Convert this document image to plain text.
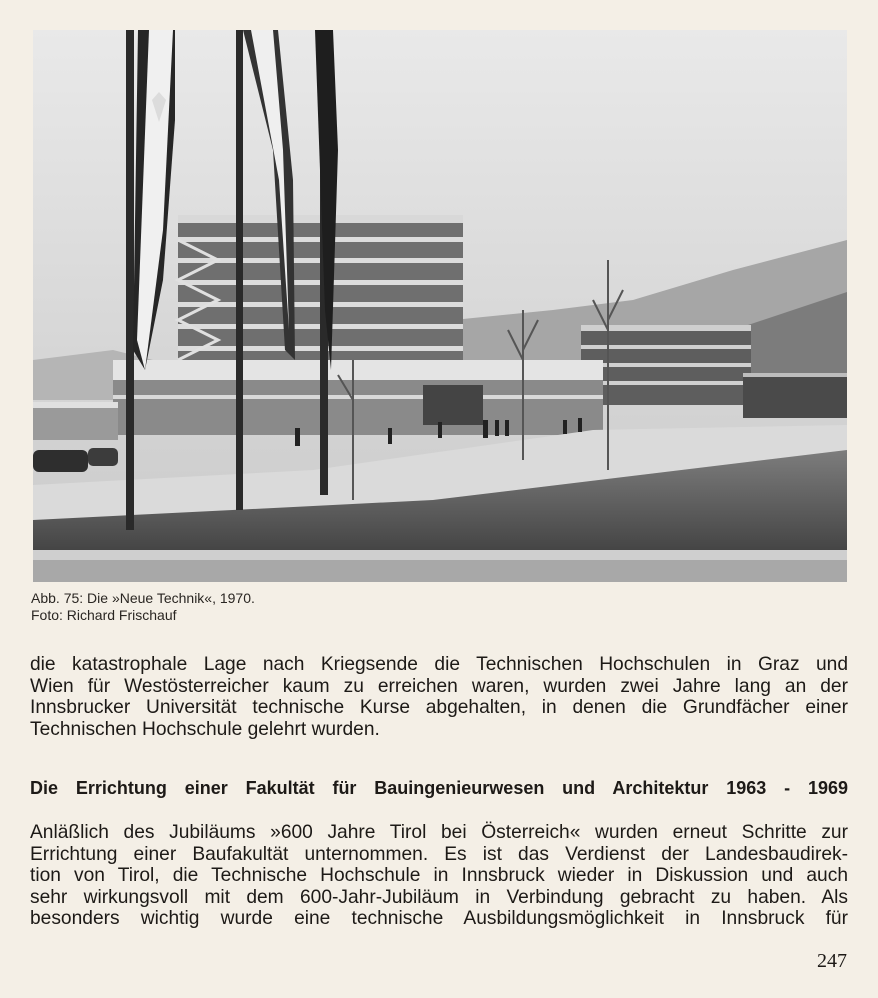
Abb. 75: Die »Neue Technik«, 1970.
Foto: Richard Frischauf
die katastrophale Lage nach Kriegsende die Technischen Hochschulen in Graz und
Wien für Westösterreicher kaum zu erreichen waren, wurden zwei Jahre lang an der
Innsbrucker Universität technische Kurse abgehalten, in denen die Grundfächer einer
Technischen Hochschule gelehrt wurden.
Die Errichtung einer Fakultät für Bauingenieurwesen und Architektur 1963 - 1969
Anläßlich des Jubiläums »600 Jahre Tirol bei Österreich« wurden erneut Schritte zur
Errichtung einer Baufakultät unternommen. Es ist das Verdienst der Landesbaudirek-
tion von Tirol, die Technische Hochschule in Innsbruck wieder in Diskussion und auch
sehr wirkungsvoll mit dem 600-Jahr-Jubiläum in Verbindung gebracht zu haben. Als
besonders wichtig wurde eine technische Ausbildungsmöglichkeit in Innsbruck für
247
